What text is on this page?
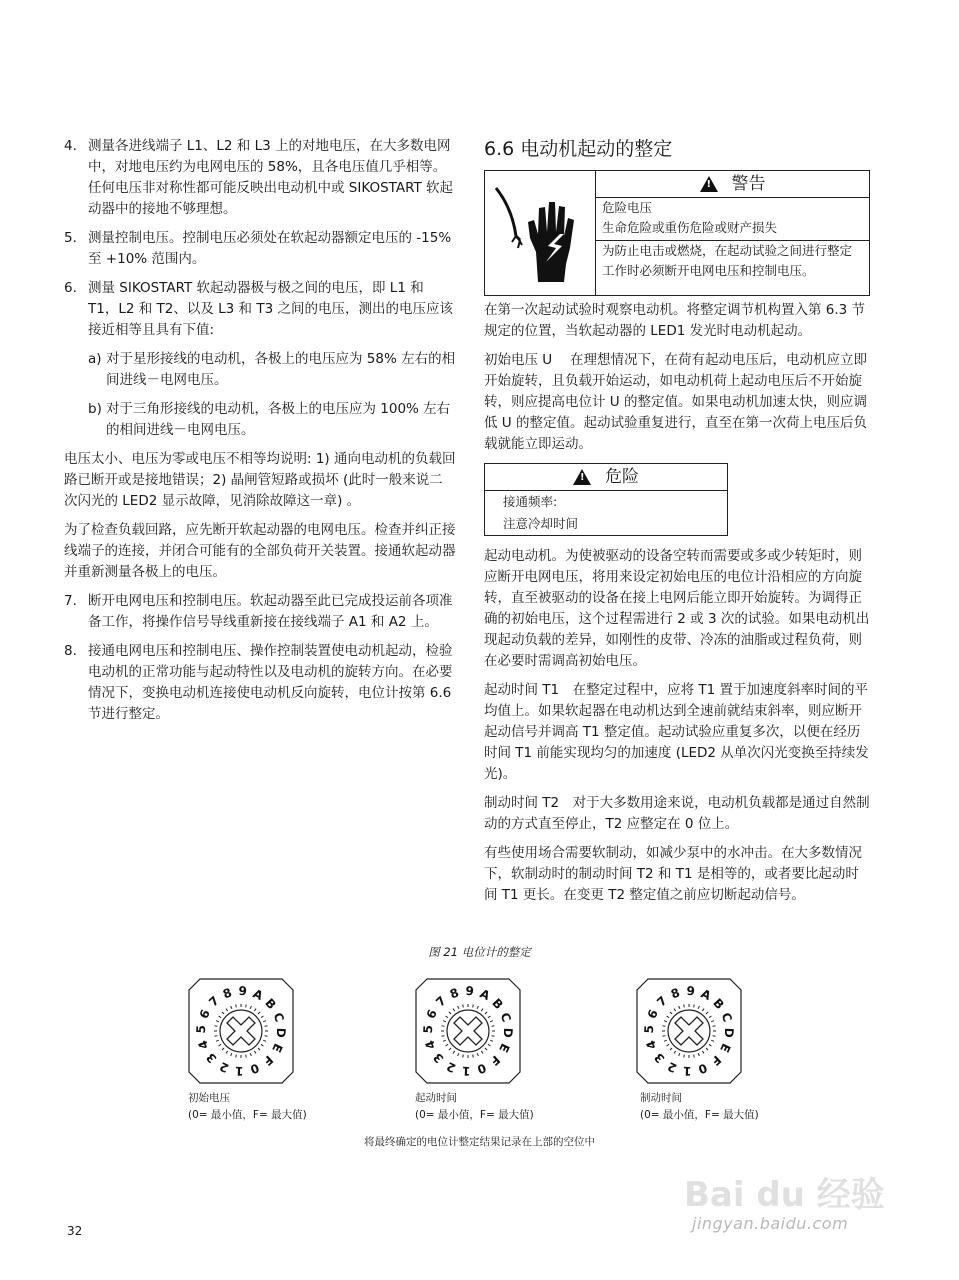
4. 测量各进线端子 L1、L2 和 L3 上的对地电压，在大多数电网中，对地电压约为电网电压的 58%，且各电压值几乎相等。任何电压非对称性都可能反映出电动机中或 SIKOSTART 软起动器中的接地不够理想。
5. 测量控制电压。控制电压必须处在软起动器额定电压的 -15% 至 +10% 范围内。
6. 测量 SIKOSTART 软起动器极与极之间的电压，即 L1 和 T1，L2 和 T2、以及 L3 和 T3 之间的电压，测出的电压应该接近相等且具有下值:
a) 对于星形接线的电动机，各极上的电压应为 58% 左右的相间进线－电网电压。
b) 对于三角形接线的电动机，各极上的电压应为 100% 左右的相间进线－电网电压。

电压太小、电压为零或电压不相等均说明: 1) 通向电动机的负载回路已断开或是接地错误；2) 晶闸管短路或损坏 (此时一般来说二次闪光的 LED2 显示故障，见消除故障这一章) 。

为了检查负载回路，应先断开软起动器的电网电压。检查并纠正接线端子的连接，并闭合可能有的全部负荷开关装置。接通软起动器并重新测量各极上的电压。

7. 断开电网电压和控制电压。软起动器至此已完成投运前各项准备工作，将操作信号导线重新接在接线端子 A1 和 A2 上。
8. 接通电网电压和控制电压、操作控制装置使电动机起动，检验电动机的正常功能与起动特性以及电动机的旋转方向。在必要情况下，变换电动机连接使电动机反向旋转，电位计按第 6.6 节进行整定。
6.6 电动机起动的整定
!
警告
危险电压
生命危险或重伤危险或财产损失
为防止电击或燃烧，在起动试验之间进行整定工作时必须断开电网电压和控制电压。

在第一次起动试验时观察电动机。将整定调节机构置入第 6.3 节规定的位置，当软起动器的 LED1 发光时电动机起动。

初始电压 U　 在理想情况下，在荷有起动电压后，电动机应立即开始旋转，且负载开始运动，如电动机荷上起动电压后不开始旋转，则应提高电位计 U 的整定值。如果电动机加速太快，则应调低 U 的整定值。起动试验重复进行，直至在第一次荷上电压后负载就能立即运动。

!
危险
接通频率:
注意冷却时间

起动电动机。为使被驱动的设备空转而需要或多或少转矩时，则应断开电网电压，将用来设定初始电压的电位计沿相应的方向旋转，直至被驱动的设备在接上电网后能立即开始旋转。为调得正确的初始电压，这个过程需进行 2 或 3 次的试验。如果电动机出现起动负载的差异，如刚性的皮带、冷冻的油脂或过程负荷，则在必要时需调高初始电压。

起动时间 T1　在整定过程中，应将 T1 置于加速度斜率时间的平均值上。如果软起器在电动机达到全速前就结束斜率，则应断开起动信号并调高 T1 整定值。起动试验应重复多次，以便在经历时间 T1 前能实现均匀的加速度 (LED2 从单次闪光变换至持续发光)。

制动时间 T2　对于大多数用途来说，电动机负载都是通过自然制动的方式直至停止，T2 应整定在 0 位上。

有些使用场合需要软制动，如减少泵中的水冲击。在大多数情况下，软制动时的制动时间 T2 和 T1 是相等的，或者要比起动时间 T1 更长。在变更 T2 整定值之前应切断起动信号。

图 21 电位计的整定
8 9 A
B
C
D
E
F
0
1
2
3
4
5
6
7
8 9 A
B
C
D
E
F
0
1
2
3
4
5
6
7
8 9 A
B
C
D
E
F
0
1
2
3
4
5
6
7
初始电压
(0= 最小值，F= 最大值)
起动时间
(0= 最小值，F= 最大值)
制动时间
(0= 最小值，F= 最大值)
将最终确定的电位计整定结果记录在上部的空位中
32
Bai du 经验
jingyan.baidu.com
